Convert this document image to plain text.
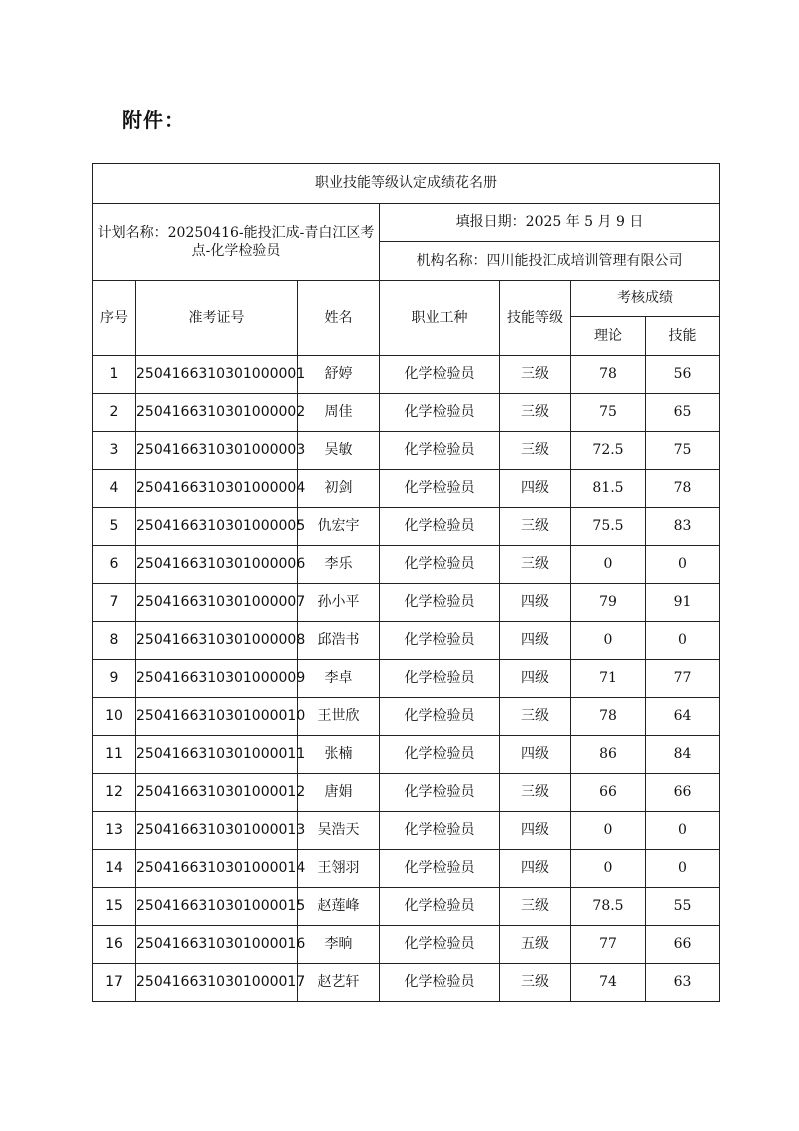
附件：
职业技能等级认定成绩花名册						
计划名称：20250416-能投汇成-青白江区考点-化学检验员			填报日期：2025 年 5 月 9 日			
			机构名称：四川能投汇成培训管理有限公司			
序号	准考证号	姓名	职业工种	技能等级	考核成绩	
					理论	技能
1	2504166310301000001	舒婷	化学检验员	三级	78	56
2	2504166310301000002	周佳	化学检验员	三级	75	65
3	2504166310301000003	吴敏	化学检验员	三级	72.5	75
4	2504166310301000004	初剑	化学检验员	四级	81.5	78
5	2504166310301000005	仇宏宇	化学检验员	三级	75.5	83
6	2504166310301000006	李乐	化学检验员	三级	0	0
7	2504166310301000007	孙小平	化学检验员	四级	79	91
8	2504166310301000008	邱浩书	化学检验员	四级	0	0
9	2504166310301000009	李卓	化学检验员	四级	71	77
10	2504166310301000010	王世欣	化学检验员	三级	78	64
11	2504166310301000011	张楠	化学检验员	四级	86	84
12	2504166310301000012	唐娟	化学检验员	三级	66	66
13	2504166310301000013	吴浩天	化学检验员	四级	0	0
14	2504166310301000014	王翎羽	化学检验员	四级	0	0
15	2504166310301000015	赵莲峰	化学检验员	三级	78.5	55
16	2504166310301000016	李晌	化学检验员	五级	77	66
17	2504166310301000017	赵艺轩	化学检验员	三级	74	63
